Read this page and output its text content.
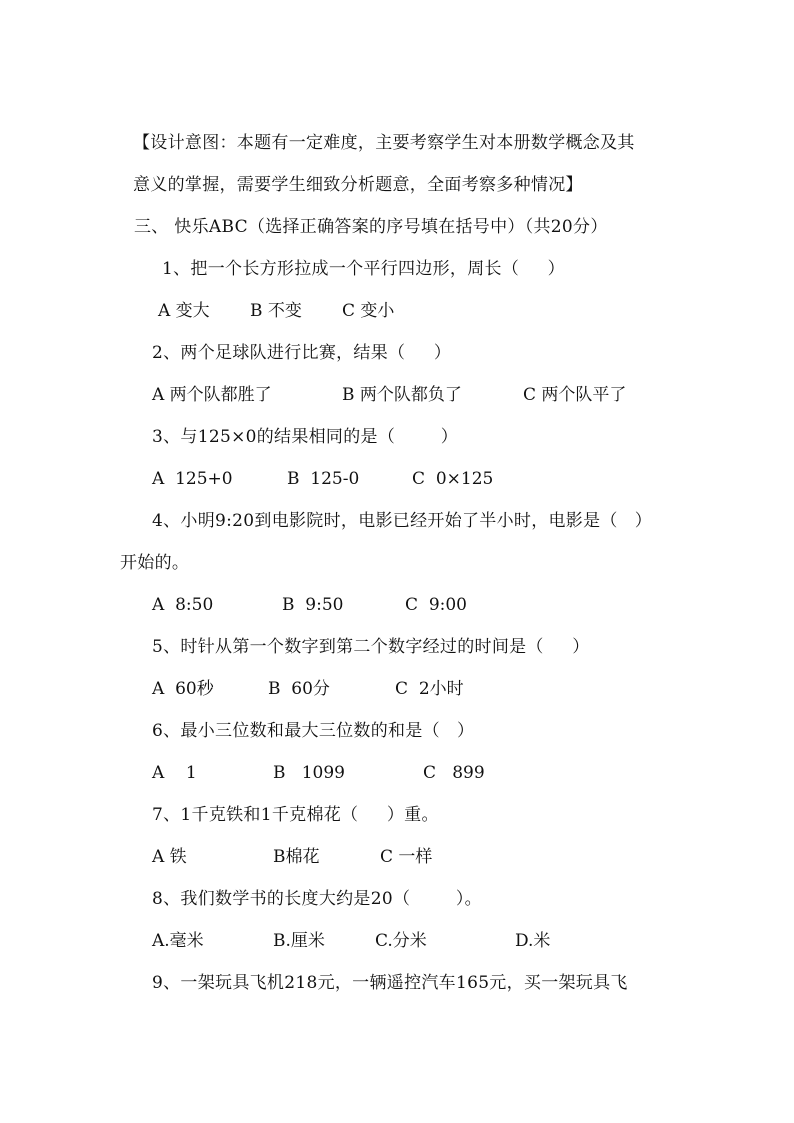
【设计意图：本题有一定难度，主要考察学生对本册数学概念及其
意义的掌握，需要学生细致分析题意，全面考察多种情况】
三、 快乐ABC（选择正确答案的序号填在括号中）（共20分）
1、把一个长方形拉成一个平行四边形，周长（     ）
A 变大 B 不变 C 变小
2、两个足球队进行比赛，结果（     ）
A 两个队都胜了	B 两个队都负了	C 两个队平了
3、与125×0的结果相同的是（        ）
A  125+0	B  125-0	C  0×125
4、小明9:20到电影院时，电影已经开始了半小时，电影是（   ）
开始的。
A  8:50	B  9:50	C  9:00
5、时针从第一个数字到第二个数字经过的时间是（     ）
A  60秒	B  60分	C  2小时
6、最小三位数和最大三位数的和是（   ）
A    1	B   1099	C   899
7、1千克铁和1千克棉花（     ）重。
A 铁	B棉花	C 一样
8、我们数学书的长度大约是20（        ）。
A.毫米	B.厘米	C.分米	D.米
9、一架玩具飞机218元，一辆遥控汽车165元，买一架玩具飞
